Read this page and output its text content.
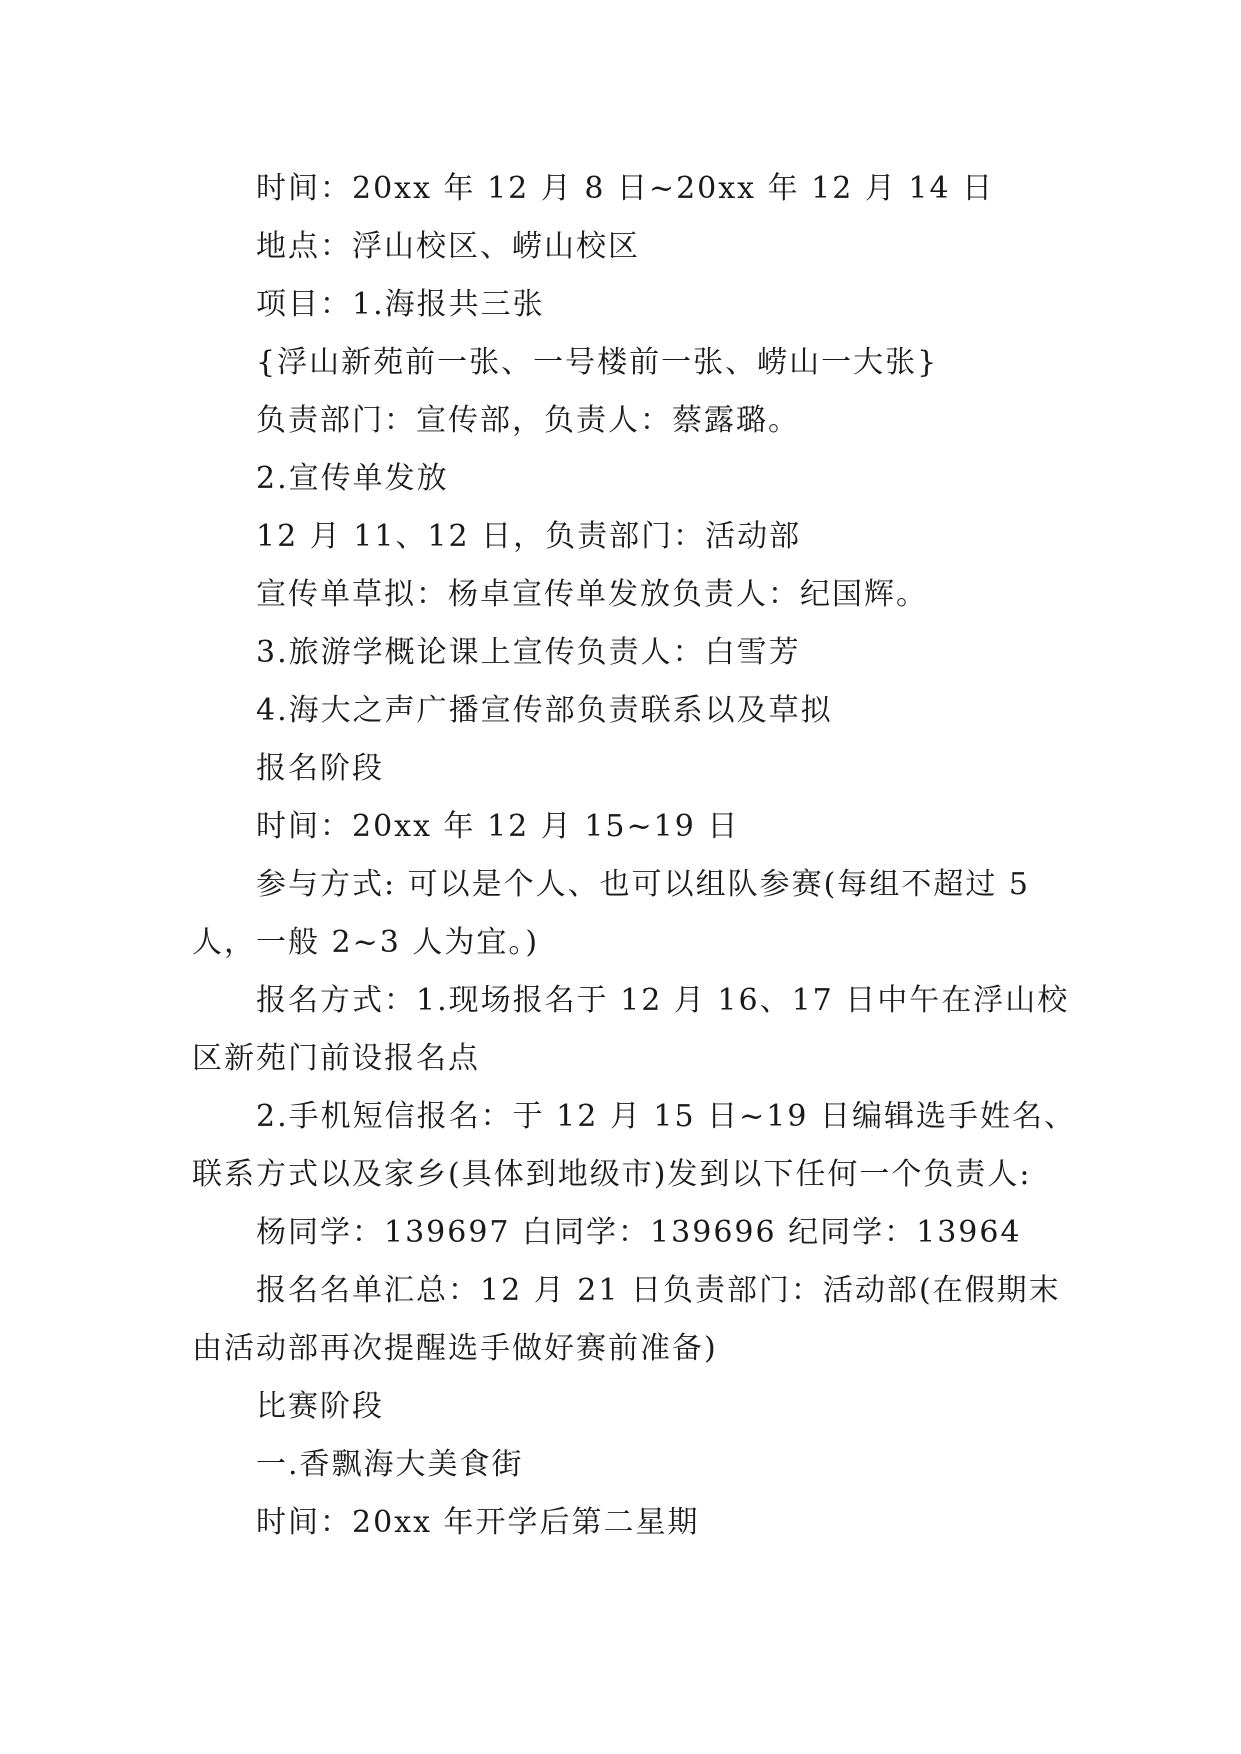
时间：20xx 年 12 月 8 日~20xx 年 12 月 14 日
地点：浮山校区、崂山校区
项目：1.海报共三张
{浮山新苑前一张、一号楼前一张、崂山一大张}
负责部门：宣传部，负责人：蔡露璐。
2.宣传单发放
12 月 11、12 日，负责部门：活动部
宣传单草拟：杨卓宣传单发放负责人：纪国辉。
3.旅游学概论课上宣传负责人：白雪芳
4.海大之声广播宣传部负责联系以及草拟
报名阶段
时间：20xx 年 12 月 15~19 日
参与方式: 可以是个人、也可以组队参赛(每组不超过 5
人，一般 2~3 人为宜。)
报名方式：1.现场报名于 12 月 16、17 日中午在浮山校
区新苑门前设报名点
2.手机短信报名：于 12 月 15 日~19 日编辑选手姓名、
联系方式以及家乡(具体到地级市)发到以下任何一个负责人:
杨同学：139697 白同学：139696 纪同学：13964
报名名单汇总：12 月 21 日负责部门：活动部(在假期末
由活动部再次提醒选手做好赛前准备)
比赛阶段
一.香飘海大美食街
时间：20xx 年开学后第二星期
